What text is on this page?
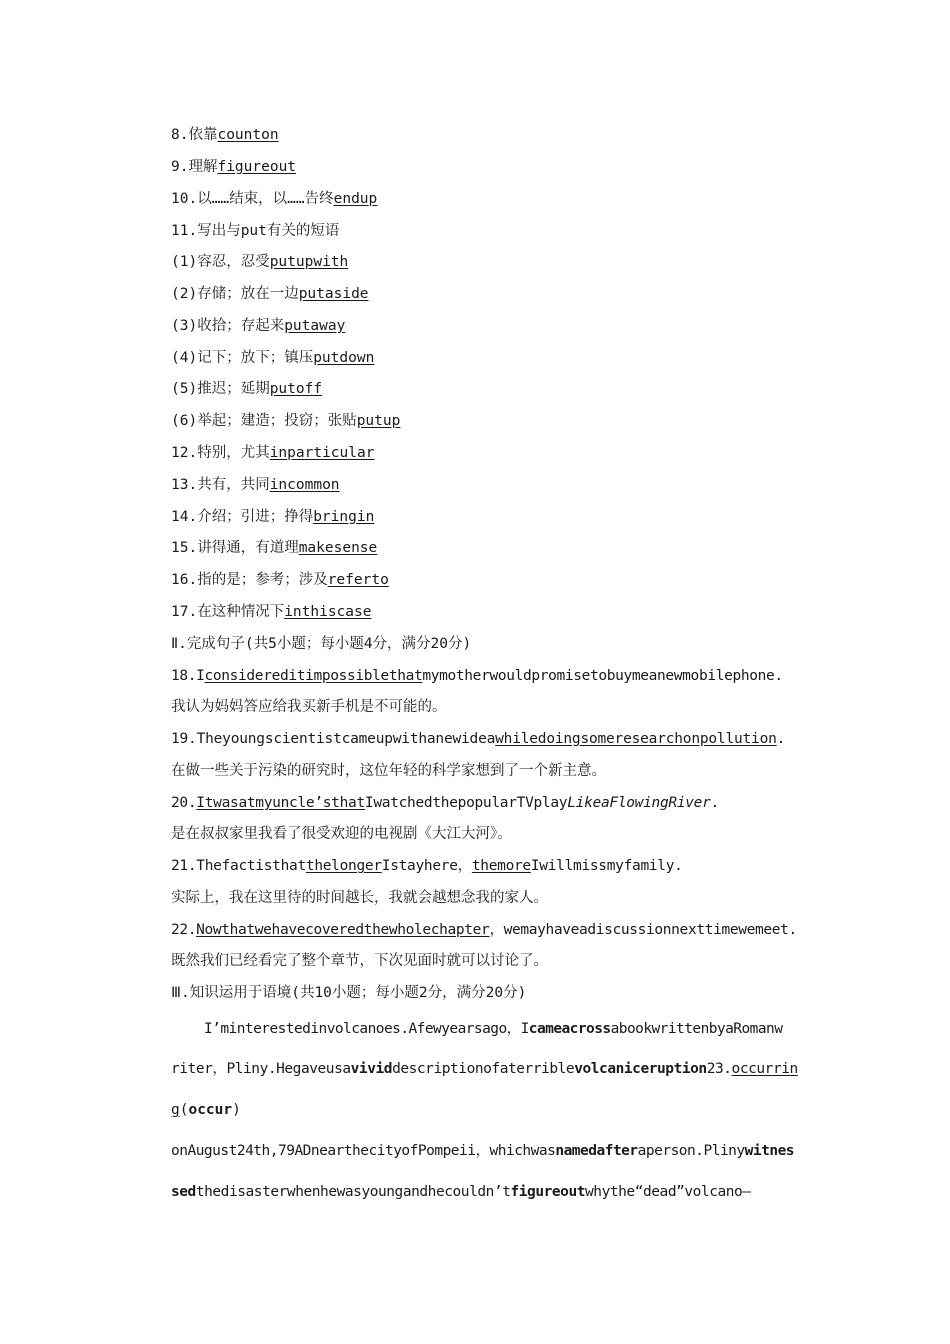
8.依靠counton
9.理解figureout
10.以……结束，以……告终endup
11.写出与put有关的短语
(1)容忍，忍受putupwith
(2)存储；放在一边putaside
(3)收拾；存起来putaway
(4)记下；放下；镇压putdown
(5)推迟；延期putoff
(6)举起；建造；投窃；张贴putup
12.特别，尤其inparticular
13.共有，共同incommon
14.介绍；引进；挣得bringin
15.讲得通，有道理makesense
16.指的是；参考；涉及referto
17.在这种情况下inthiscase
Ⅱ.完成句子(共5小题；每小题4分，满分20分)
18.Iconsidereditimpossiblethatmymotherwouldpromisetobuymeanewmobilephone.
我认为妈妈答应给我买新手机是不可能的。
19.Theyoungscientistcameupwithanewideawhiledoingsomeresearchonpollution.
在做一些关于污染的研究时，这位年轻的科学家想到了一个新主意。
20.Itwasatmyuncle’sthatIwatchedthepopularTVplayLikeaFlowingRiver.
是在叔叔家里我看了很受欢迎的电视剧《大江大河》。
21.ThefactisthatthelongerIstayhere，themoreIwillmissmyfamily.
实际上，我在这里待的时间越长，我就会越想念我的家人。
22.Nowthatwehavecoveredthewholechapter，wemayhaveadiscussionnexttimewemeet.
既然我们已经看完了整个章节，下次见面时就可以讨论了。
Ⅲ.知识运用于语境(共10小题；每小题2分，满分20分)
I’minterestedinvolcanoes.Afewyearsago，IcameacrossabookwrittenbyaRomanw
riter，Pliny.Hegaveusavividdescriptionofaterriblevolcaniceruption23.occurrin
g(occur)
onAugust24th,79ADnearthecityofPompeii，whichwasnamedafteraperson.Plinywitnes
sedthedisasterwhenhewasyoungandhecouldn’tfigureoutwhythe“dead”volcano—
